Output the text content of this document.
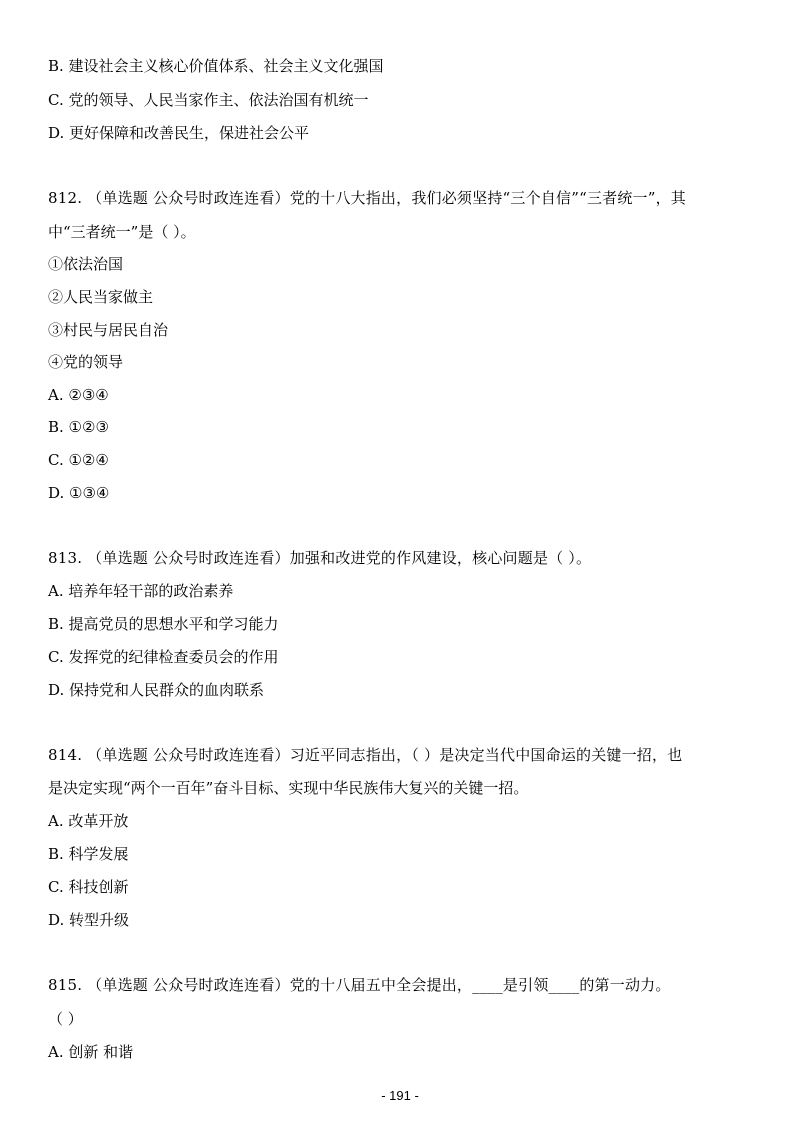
B. 建设社会主义核心价值体系、社会主义文化强国
C. 党的领导、人民当家作主、依法治国有机统一
D. 更好保障和改善民生，保进社会公平
812. （单选题 公众号时政连连看）党的十八大指出，我们必须坚持“三个自信”“三者统一”，其
中“三者统一”是（ ）。
①依法治国
②人民当家做主
③村民与居民自治
④党的领导
A. ②③④
B. ①②③
C. ①②④
D. ①③④
813. （单选题 公众号时政连连看）加强和改进党的作风建设，核心问题是（ ）。
A. 培养年轻干部的政治素养
B. 提高党员的思想水平和学习能力
C. 发挥党的纪律检查委员会的作用
D. 保持党和人民群众的血肉联系
814. （单选题 公众号时政连连看）习近平同志指出，（ ）是决定当代中国命运的关键一招，也
是决定实现“两个一百年”奋斗目标、实现中华民族伟大复兴的关键一招。
A. 改革开放
B. 科学发展
C. 科技创新
D. 转型升级
815. （单选题 公众号时政连连看）党的十八届五中全会提出，____是引领____的第一动力。
（ ）
A. 创新 和谐
- 191 -
